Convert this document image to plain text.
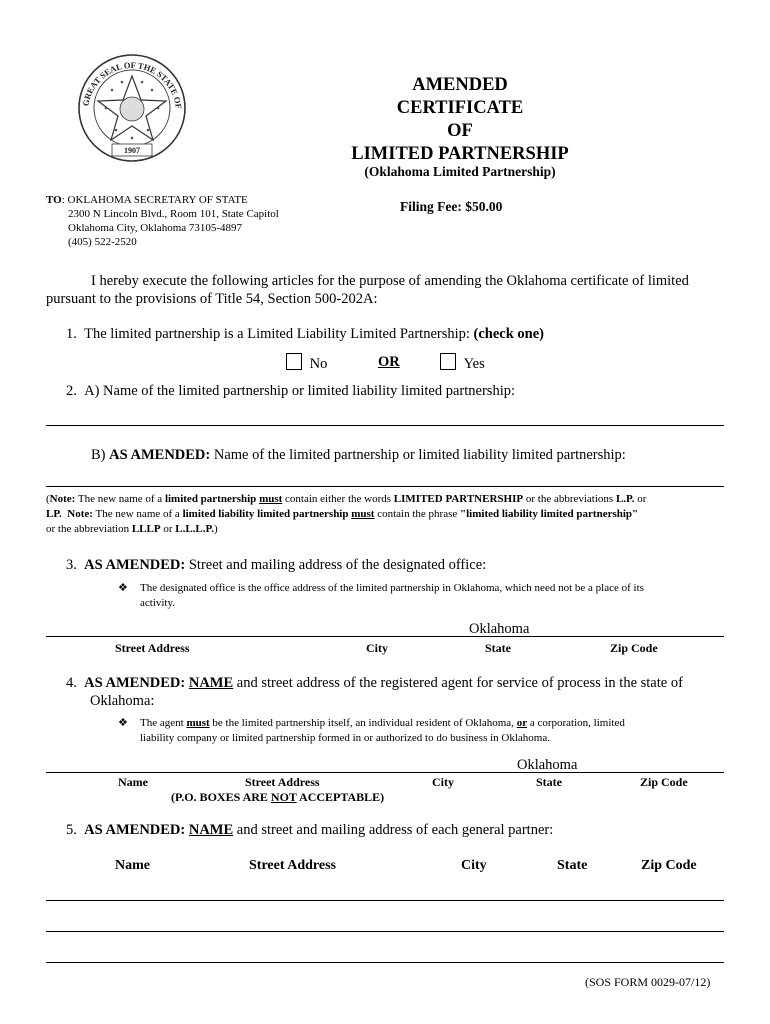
GREAT SEAL OF THE STATE OF
1907
AMENDED
CERTIFICATE
OF
LIMITED PARTNERSHIP
(Oklahoma Limited Partnership)
TO: OKLAHOMA SECRETARY OF STATE
2300 N Lincoln Blvd., Room 101, State Capitol
Oklahoma City, Oklahoma 73105-4897
(405) 522-2520
Filing Fee: $50.00
I hereby execute the following articles for the purpose of amending the Oklahoma certificate of limited
pursuant to the provisions of Title 54, Section 500-202A:
1. The limited partnership is a Limited Liability Limited Partnership: (check one)
No	OR	Yes
2. A) Name of the limited partnership or limited liability limited partnership:
B) AS AMENDED: Name of the limited partnership or limited liability limited partnership:
(Note: The new name of a limited partnership must contain either the words LIMITED PARTNERSHIP or the abbreviations L.P. or
LP. Note: The new name of a limited liability limited partnership must contain the phrase "limited liability limited partnership"
or the abbreviation LLLP or L.L.L.P.)
3. AS AMENDED: Street and mailing address of the designated office:
❖	The designated office is the office address of the limited partnership in Oklahoma, which need not be a place of its
activity.
Oklahoma
Street Address	City	State	Zip Code
4. AS AMENDED: NAME and street address of the registered agent for service of process in the state of
Oklahoma:
❖	The agent must be the limited partnership itself, an individual resident of Oklahoma, or a corporation, limited
liability company or limited partnership formed in or authorized to do business in Oklahoma.
Oklahoma
Name	Street Address	City	State	Zip Code
(P.O. BOXES ARE NOT ACCEPTABLE)
5. AS AMENDED: NAME and street and mailing address of each general partner:
Name	Street Address	City	State	Zip Code
(SOS FORM 0029-07/12)
